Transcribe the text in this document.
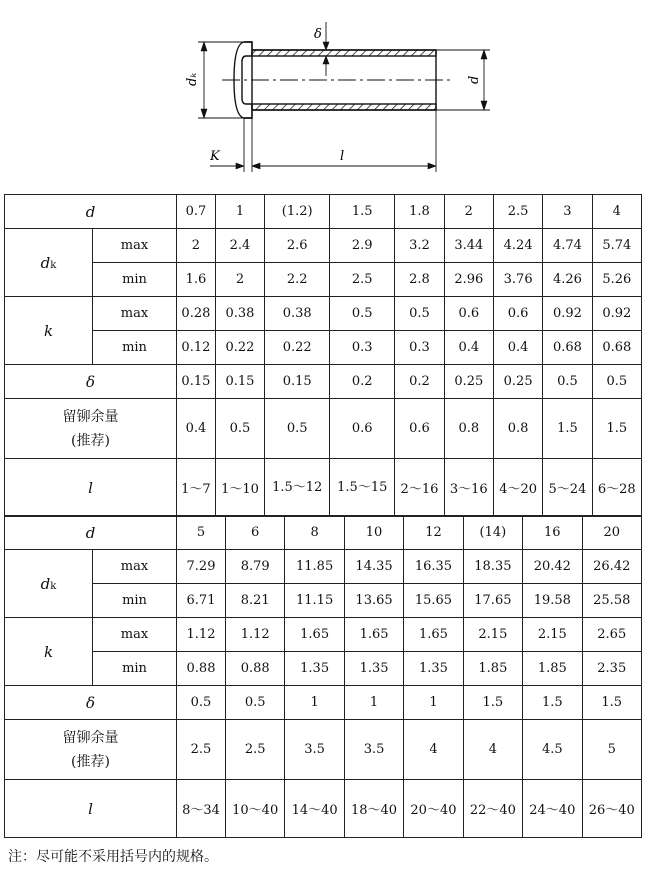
δ
dₖ	d
K	l
d		0.7	1	(1.2)	1.5	1.8	2	2.5	3	4
dk	max	2	2.4	2.6	2.9	3.2	3.44	4.24	4.74	5.74
	min	1.6	2	2.2	2.5	2.8	2.96	3.76	4.26	5.26
k	max	0.28	0.38	0.38	0.5	0.5	0.6	0.6	0.92	0.92
	min	0.12	0.22	0.22	0.3	0.3	0.4	0.4	0.68	0.68
δ		0.15	0.15	0.15	0.2	0.2	0.25	0.25	0.5	0.5

留铆余量
(推荐)		0.4	0.5	0.5	0.6	0.6	0.8	0.8	1.5	1.5
l		1～7	1～10	1.5～12	1.5～15	2～16	3～16	4～20	5～24	6～28
d		5	6	8	10	12	(14)	16	20
dk	max	7.29	8.79	11.85	14.35	16.35	18.35	20.42	26.42
	min	6.71	8.21	11.15	13.65	15.65	17.65	19.58	25.58
k	max	1.12	1.12	1.65	1.65	1.65	2.15	2.15	2.65
	min	0.88	0.88	1.35	1.35	1.35	1.85	1.85	2.35
δ		0.5	0.5	1	1	1	1.5	1.5	1.5

留铆余量
(推荐)		2.5	2.5	3.5	3.5	4	4	4.5	5
l		8～34	10～40	14～40	18～40	20～40	22～40	24～40	26～40
注：尽可能不采用括号内的规格。
